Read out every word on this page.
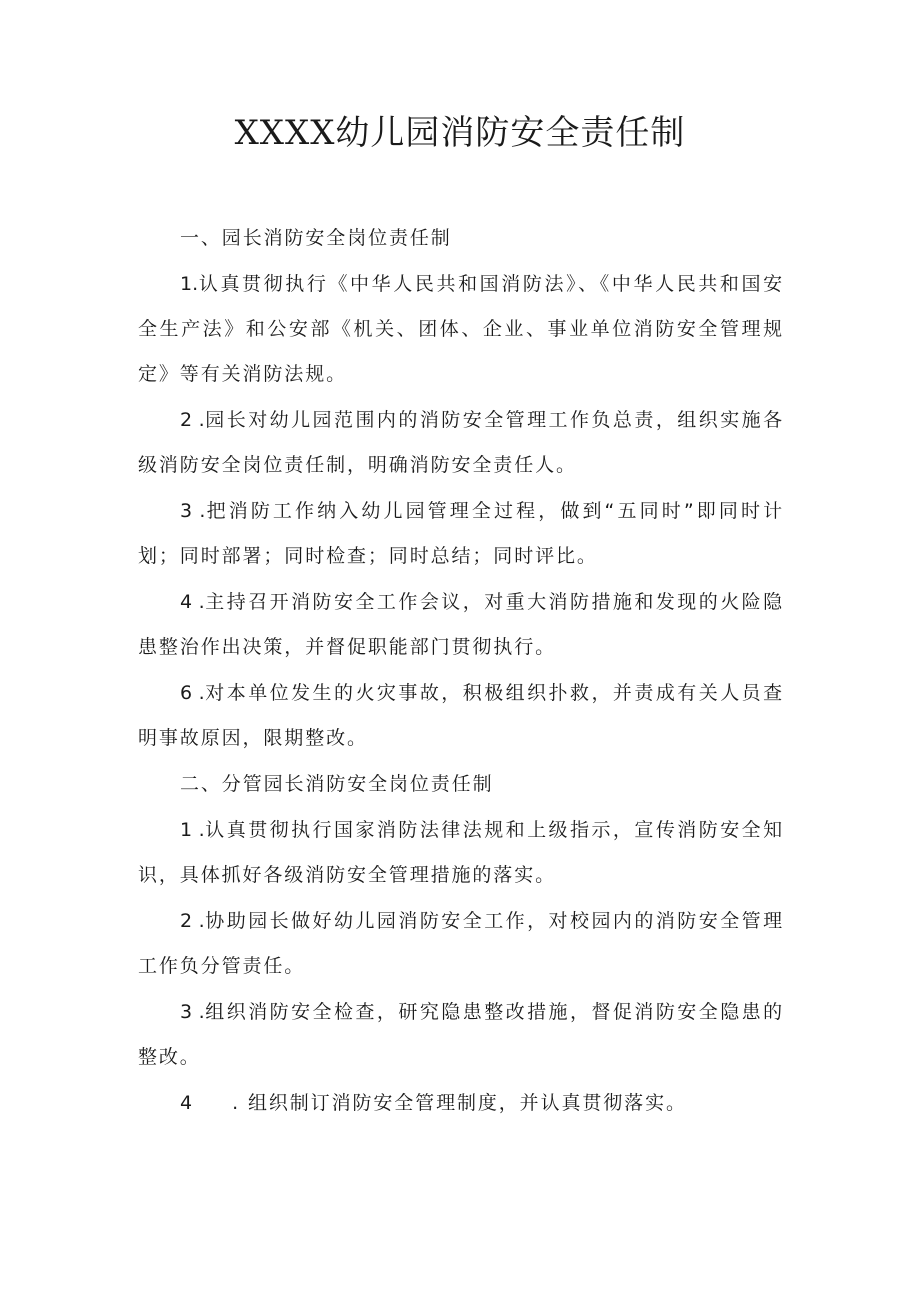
XXXX幼儿园消防安全责任制

一、园长消防安全岗位责任制

1.认真贯彻执行《中华人民共和国消防法》、《中华人民共和国安全生产法》和公安部《机关、团体、企业、事业单位消防安全管理规定》等有关消防法规。

2 .园长对幼儿园范围内的消防安全管理工作负总责，组织实施各级消防安全岗位责任制，明确消防安全责任人。

3 .把消防工作纳入幼儿园管理全过程，做到“五同时”即同时计划；同时部署；同时检查；同时总结；同时评比。

4 .主持召开消防安全工作会议，对重大消防措施和发现的火险隐患整治作出决策，并督促职能部门贯彻执行。

6 .对本单位发生的火灾事故，积极组织扑救，并责成有关人员查明事故原因，限期整改。

二、分管园长消防安全岗位责任制

1 .认真贯彻执行国家消防法律法规和上级指示，宣传消防安全知识，具体抓好各级消防安全管理措施的落实。

2 .协助园长做好幼儿园消防安全工作，对校园内的消防安全管理工作负分管责任。

3 .组织消防安全检查，研究隐患整改措施，督促消防安全隐患的整改。

4 . 组织制订消防安全管理制度，并认真贯彻落实。
